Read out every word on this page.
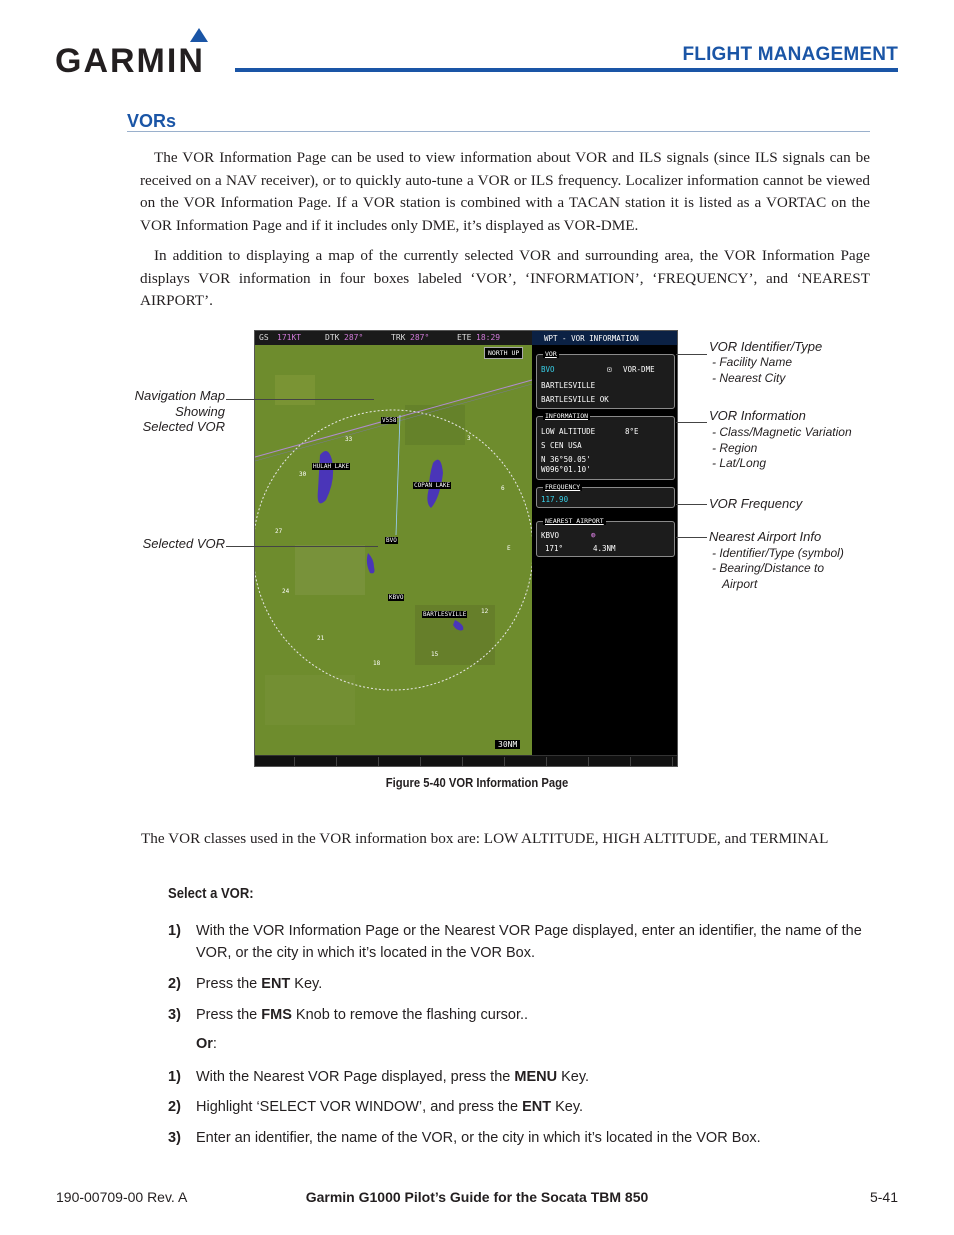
GARMIN	FLIGHT MANAGEMENT
VORs

The VOR Information Page can be used to view information about VOR and ILS signals (since ILS signals can be received on a NAV receiver), or to quickly auto-tune a VOR or ILS frequency. Localizer information cannot be viewed on the VOR Information Page. If a VOR station is combined with a TACAN station it is listed as a VORTAC on the VOR Information Page and if it includes only DME, it’s displayed as VOR-DME.

In addition to displaying a map of the currently selected VOR and surrounding area, the VOR Information Page displays VOR information in four boxes labeled ‘VOR’, ‘INFORMATION’, ‘FREQUENCY’, and ‘NEAREST AIRPORT’.

GS 171KT	DTK 287°	TRK 287°	ETE 18:29	WPT - VOR INFORMATION
NORTH UP
V558
HULAH LAKE
COPAN LAKE
BVO
KBVO
BARTLESVILLE
33
30
27
24
21
18
15
12
6
3
E
30NM
VOR
BVO	⊡ VOR-DME
BARTLESVILLE
BARTLESVILLE OK
INFORMATION
LOW ALTITUDE	8°E
S CEN USA
N 36°50.05'
W096°01.10'
FREQUENCY
117.90
NEAREST AIRPORT
KBVO	◍
171°	4.3NM
Navigation Map
Showing
Selected VOR
Selected VOR
VOR Identifier/Type
- Facility Name
- Nearest City
VOR Information
- Class/Magnetic Variation
- Region
- Lat/Long
VOR Frequency
Nearest Airport Info
- Identifier/Type (symbol)
- Bearing/Distance to
Airport
Figure 5-40 VOR Information Page

The VOR classes used in the VOR information box are: LOW ALTITUDE, HIGH ALTITUDE, and TERMINAL

Select a VOR:
1) With the VOR Information Page or the Nearest VOR Page displayed, enter an identifier, the name of the VOR, or the city in which it’s located in the VOR Box.
2) Press the ENT Key.
3) Press the FMS Knob to remove the flashing cursor..
Or:
1) With the Nearest VOR Page displayed, press the MENU Key.
2) Highlight ‘SELECT VOR WINDOW’, and press the ENT Key.
3) Enter an identifier, the name of the VOR, or the city in which it’s located in the VOR Box.
190-00709-00 Rev. A	Garmin G1000 Pilot’s Guide for the Socata TBM 850	5-41
